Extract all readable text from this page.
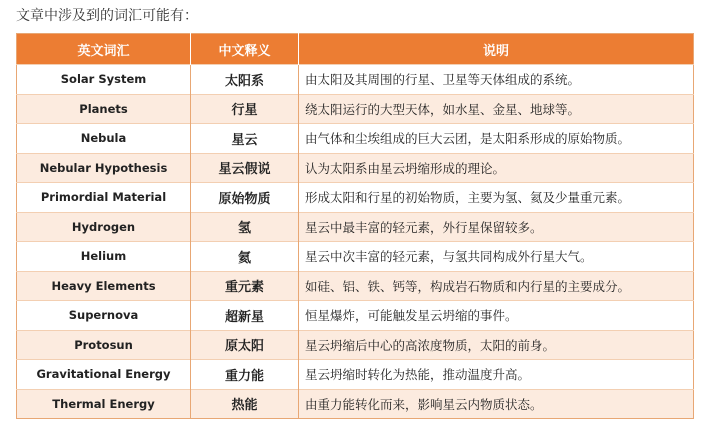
文章中涉及到的词汇可能有：
英文词汇	中文释义	说明
Solar System	太阳系	由太阳及其周围的行星、卫星等天体组成的系统。
Planets	行星	绕太阳运行的大型天体，如水星、金星、地球等。
Nebula	星云	由气体和尘埃组成的巨大云团，是太阳系形成的原始物质。
Nebular Hypothesis	星云假说	认为太阳系由星云坍缩形成的理论。
Primordial Material	原始物质	形成太阳和行星的初始物质，主要为氢、氦及少量重元素。
Hydrogen	氢	星云中最丰富的轻元素，外行星保留较多。
Helium	氦	星云中次丰富的轻元素，与氢共同构成外行星大气。
Heavy Elements	重元素	如硅、铝、铁、钙等，构成岩石物质和内行星的主要成分。
Supernova	超新星	恒星爆炸，可能触发星云坍缩的事件。
Protosun	原太阳	星云坍缩后中心的高浓度物质，太阳的前身。
Gravitational Energy	重力能	星云坍缩时转化为热能，推动温度升高。
Thermal Energy	热能	由重力能转化而来，影响星云内物质状态。
